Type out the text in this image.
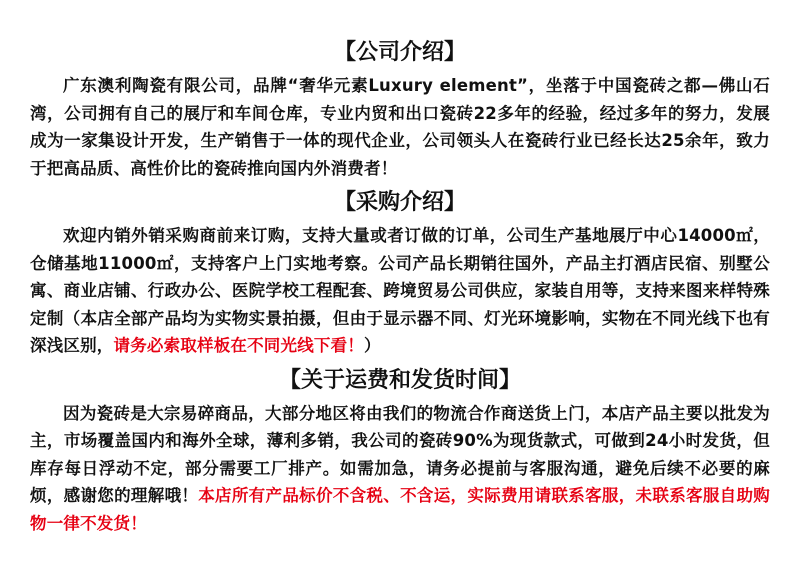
【公司介绍】

广东澳利陶瓷有限公司，品牌“奢华元素Luxury element”，坐落于中国瓷砖之都—佛山石湾，公司拥有自己的展厅和车间仓库，专业内贸和出口瓷砖22多年的经验，经过多年的努力，发展成为一家集设计开发，生产销售于一体的现代企业，公司领头人在瓷砖行业已经长达25余年，致力于把高品质、高性价比的瓷砖推向国内外消费者！

【采购介绍】

欢迎内销外销采购商前来订购，支持大量或者订做的订单，公司生产基地展厅中心14000㎡，仓储基地11000㎡，支持客户上门实地考察。公司产品长期销往国外，产品主打酒店民宿、别墅公寓、商业店铺、行政办公、医院学校工程配套、跨境贸易公司供应，家装自用等，支持来图来样特殊定制（本店全部产品均为实物实景拍摄，但由于显示器不同、灯光环境影响，实物在不同光线下也有深浅区别，请务必索取样板在不同光线下看！）

【关于运费和发货时间】

因为瓷砖是大宗易碎商品，大部分地区将由我们的物流合作商送货上门，本店产品主要以批发为主，市场覆盖国内和海外全球，薄利多销，我公司的瓷砖90%为现货款式，可做到24小时发货，但库存每日浮动不定，部分需要工厂排产。如需加急，请务必提前与客服沟通，避免后续不必要的麻烦，感谢您的理解哦！本店所有产品标价不含税、不含运，实际费用请联系客服，未联系客服自助购物一律不发货！
